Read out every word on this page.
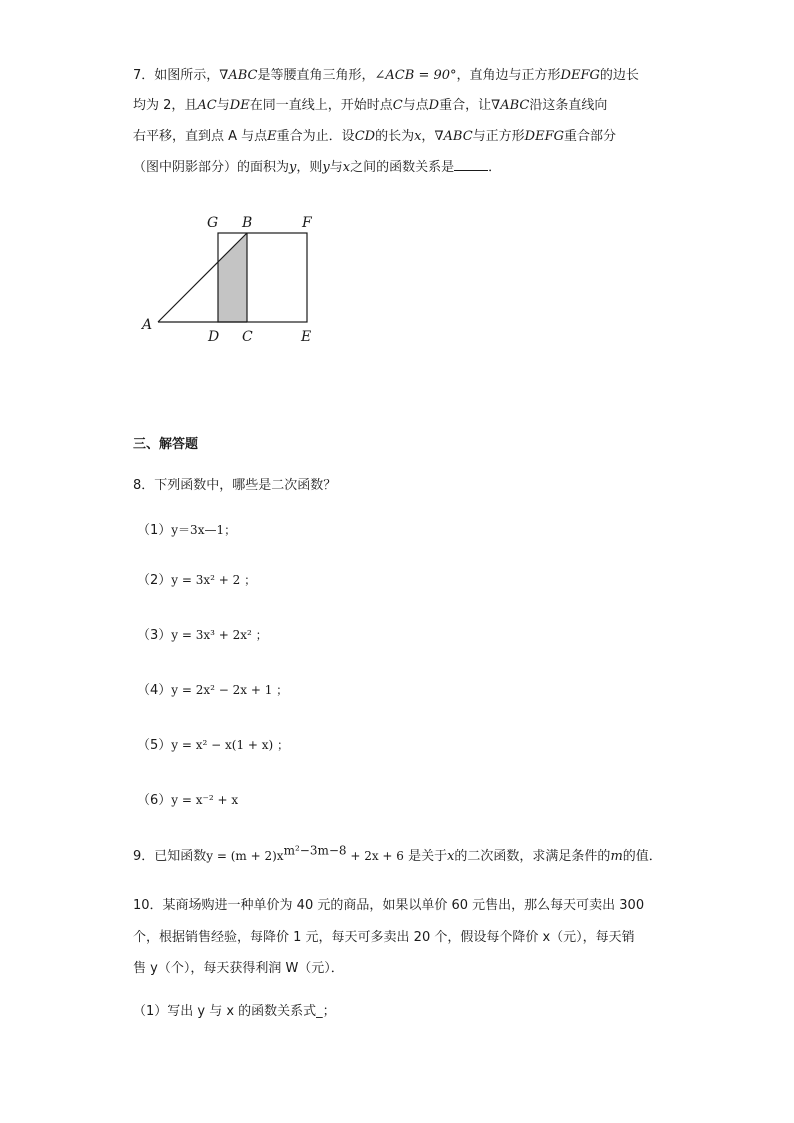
7．如图所示，∇ABC是等腰直角三角形，∠ACB = 90°，直角边与正方形DEFG的边长
均为 2，且AC与DE在同一直线上，开始时点C与点D重合，让∇ABC沿这条直线向
右平移，直到点 A 与点E重合为止．设CD的长为x，∇ABC与正方形DEFG重合部分
（图中阴影部分）的面积为y，则y与x之间的函数关系是	．
G B	F
A
D C	E
三、解答题
8．下列函数中，哪些是二次函数？
（1）y＝3x—1；
（2）y = 3x² + 2 ；
（3）y = 3x³ + 2x² ；
（4）y = 2x² − 2x + 1 ；
（5）y = x² − x(1 + x) ；
（6）y = x⁻² + x
9．已知函数$y = (m + 2)x^{m^2-3m-8} + 2x + 6$ 是关于x的二次函数，求满足条件的m的值．
10．某商场购进一种单价为 40 元的商品，如果以单价 60 元售出，那么每天可卖出 300
个，根据销售经验，每降价 1 元，每天可多卖出 20 个，假设每个降价 x（元），每天销
售 y（个），每天获得利润 W（元）．
（1）写出 y 与 x 的函数关系式_；
